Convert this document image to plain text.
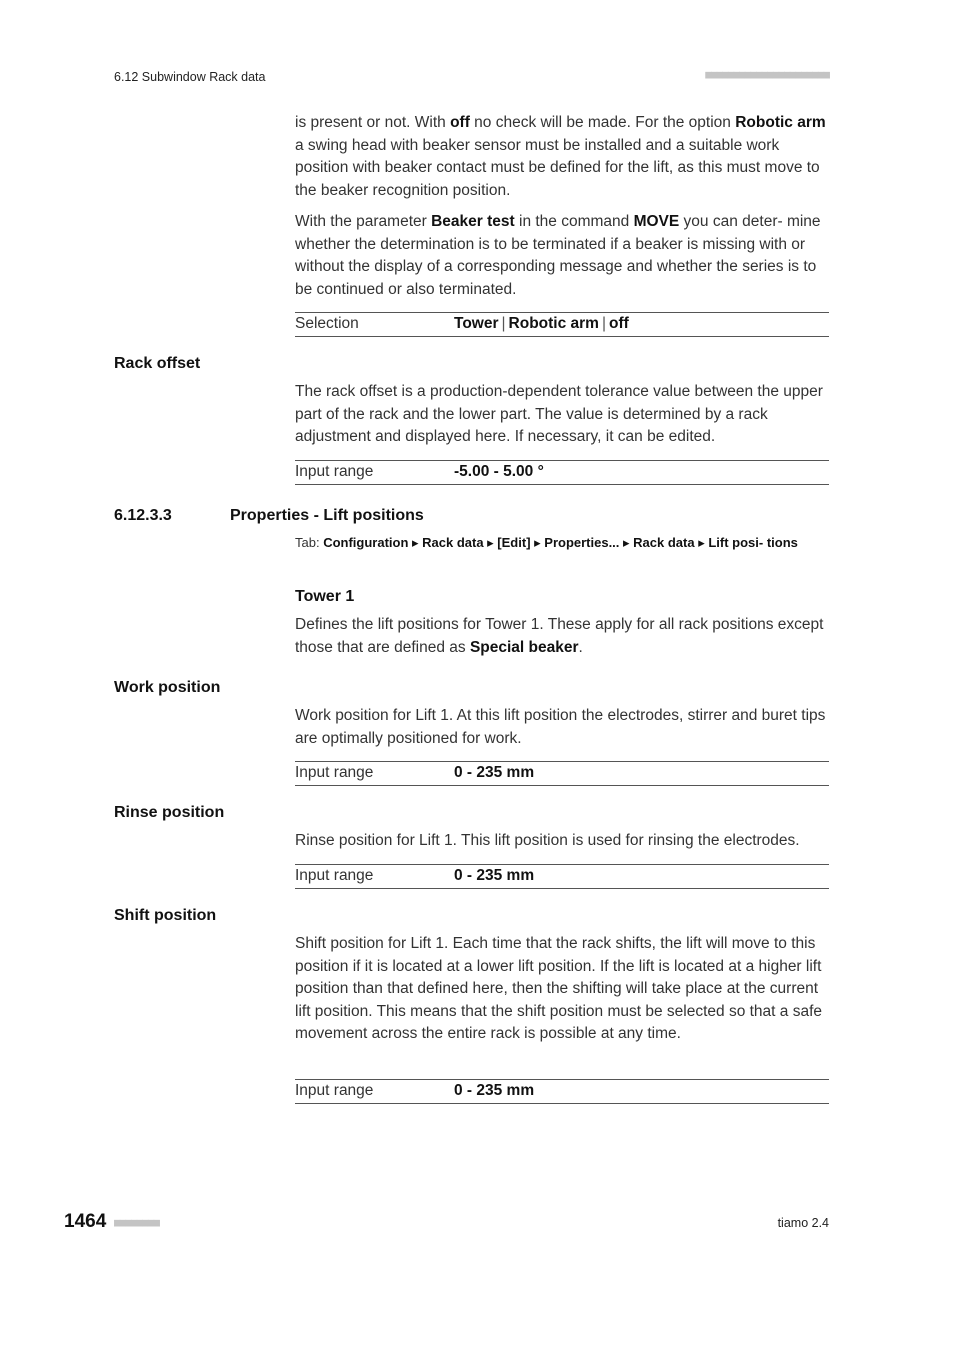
6.12 Subwindow Rack data	■■■■■■■■■■■■■■■■■■■■■■
is present or not. With off no check will be made. For the option Robotic arm a swing head with beaker sensor must be installed and a suitable work position with beaker contact must be defined for the lift, as this must move to the beaker recognition position.
With the parameter Beaker test in the command MOVE you can deter- mine whether the determination is to be terminated if a beaker is missing with or without the display of a corresponding message and whether the series is to be continued or also terminated.
Selection	Tower | Robotic arm | off
Rack offset
The rack offset is a production-dependent tolerance value between the upper part of the rack and the lower part. The value is determined by a rack adjustment and displayed here. If necessary, it can be edited.
Input range	-5.00 - 5.00 °
6.12.3.3	Properties - Lift positions
Tab: Configuration ▸ Rack data ▸ [Edit] ▸ Properties... ▸ Rack data ▸ Lift posi- tions
Tower 1
Defines the lift positions for Tower 1. These apply for all rack positions except those that are defined as Special beaker.
Work position
Work position for Lift 1. At this lift position the electrodes, stirrer and buret tips are optimally positioned for work.
Input range	0 - 235 mm
Rinse position
Rinse position for Lift 1. This lift position is used for rinsing the electrodes.
Input range	0 - 235 mm
Shift position
Shift position for Lift 1. Each time that the rack shifts, the lift will move to this position if it is located at a lower lift position. If the lift is located at a higher lift position than that defined here, then the shifting will take place at the current lift position. This means that the shift position must be selected so that a safe movement across the entire rack is possible at any time.
Input range	0 - 235 mm
1464 ■■■■■■■■	tiamo 2.4
